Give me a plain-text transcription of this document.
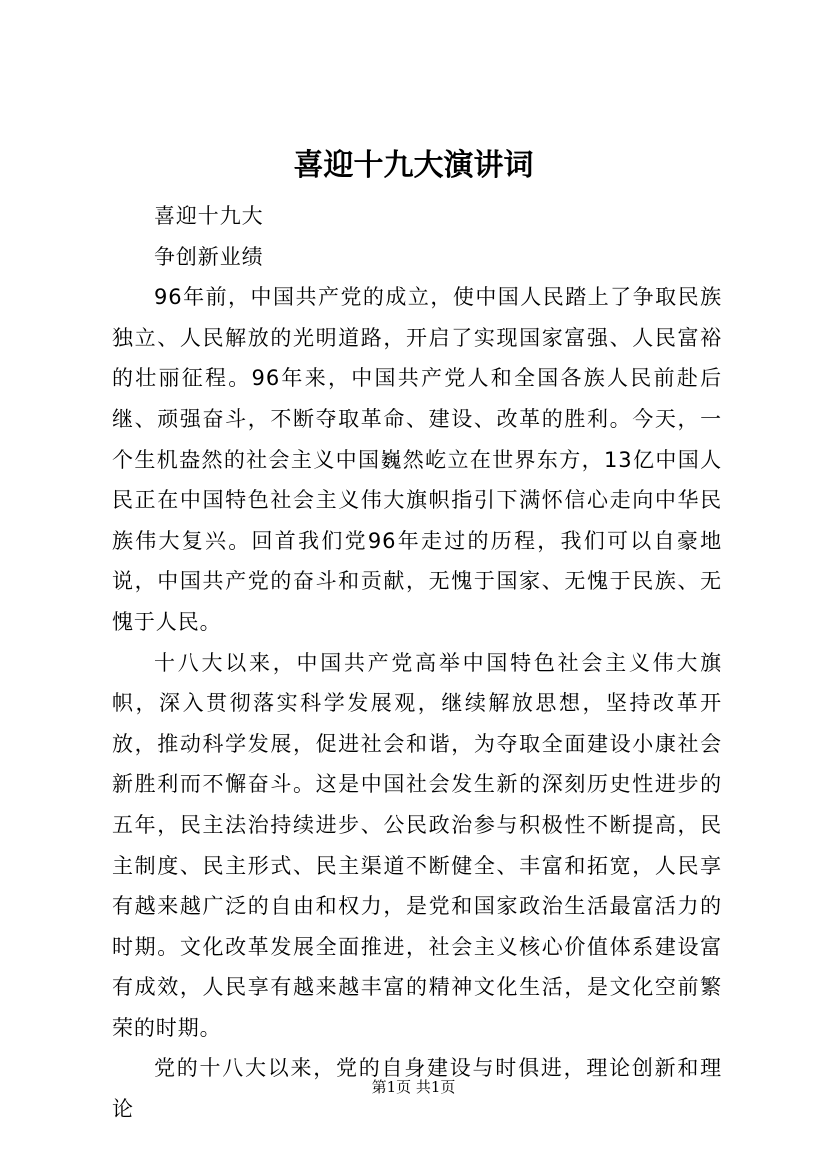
喜迎十九大演讲词

喜迎十九大

争创新业绩

96年前，中国共产党的成立，使中国人民踏上了争取民族独立、人民解放的光明道路，开启了实现国家富强、人民富裕的壮丽征程。96年来，中国共产党人和全国各族人民前赴后继、顽强奋斗，不断夺取革命、建设、改革的胜利。今天，一个生机盎然的社会主义中国巍然屹立在世界东方，13亿中国人民正在中国特色社会主义伟大旗帜指引下满怀信心走向中华民族伟大复兴。回首我们党96年走过的历程，我们可以自豪地说，中国共产党的奋斗和贡献，无愧于国家、无愧于民族、无愧于人民。

十八大以来，中国共产党高举中国特色社会主义伟大旗帜，深入贯彻落实科学发展观，继续解放思想，坚持改革开放，推动科学发展，促进社会和谐，为夺取全面建设小康社会新胜利而不懈奋斗。这是中国社会发生新的深刻历史性进步的五年，民主法治持续进步、公民政治参与积极性不断提高，民主制度、民主形式、民主渠道不断健全、丰富和拓宽，人民享有越来越广泛的自由和权力，是党和国家政治生活最富活力的时期。文化改革发展全面推进，社会主义核心价值体系建设富有成效，人民享有越来越丰富的精神文化生活，是文化空前繁荣的时期。

党的十八大以来，党的自身建设与时俱进，理论创新和理论

第1页 共1页
